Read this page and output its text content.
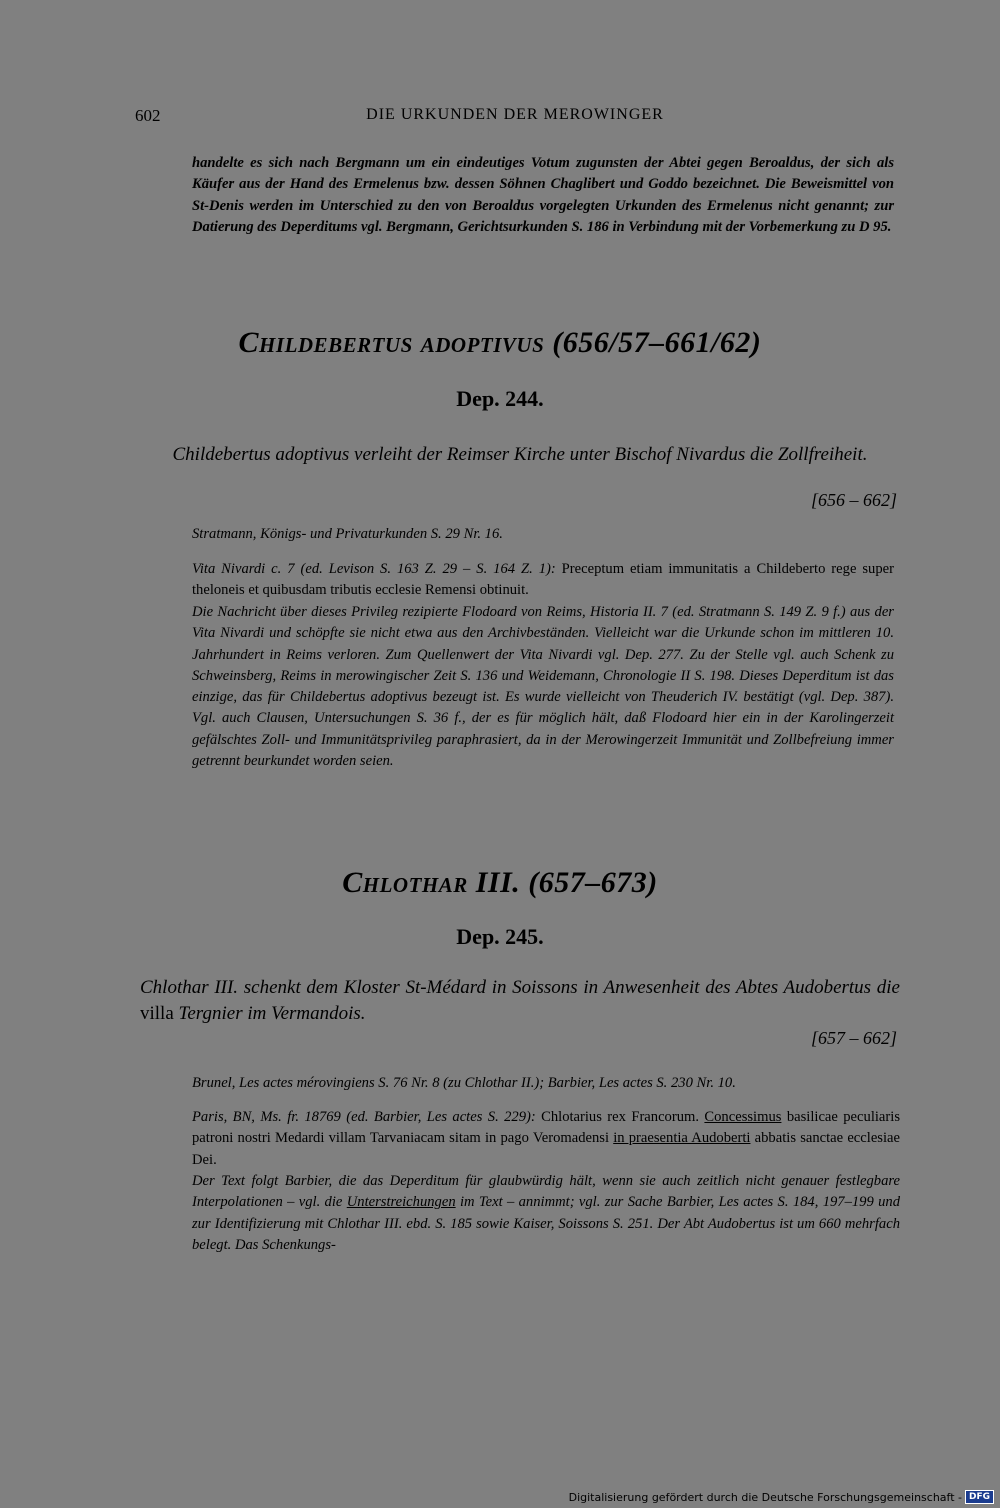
602	DIE URKUNDEN DER MEROWINGER

handelte es sich nach Bergmann um ein eindeutiges Votum zugunsten der Abtei gegen Beroaldus, der sich als Käufer aus der Hand des Ermelenus bzw. dessen Söhnen Chaglibert und Goddo bezeichnet. Die Beweismittel von St-Denis werden im Unterschied zu den von Beroaldus vorgelegten Urkunden des Ermelenus nicht genannt; zur Datierung des Deperditums vgl. Bergmann, Gerichtsurkunden S. 186 in Verbindung mit der Vorbemerkung zu D 95.

Childebertus adoptivus (656/57–661/62)
Dep. 244.

Childebertus adoptivus verleiht der Reimser Kirche unter Bischof Nivardus die Zollfreiheit.

[656 – 662]

Stratmann, Königs- und Privaturkunden S. 29 Nr. 16.

Vita Nivardi c. 7 (ed. Levison S. 163 Z. 29 – S. 164 Z. 1): Preceptum etiam immunitatis a Childeberto rege super theloneis et quibusdam tributis ecclesie Remensi obtinuit.

Die Nachricht über dieses Privileg rezipierte Flodoard von Reims, Historia II. 7 (ed. Stratmann S. 149 Z. 9 f.) aus der Vita Nivardi und schöpfte sie nicht etwa aus den Archivbeständen. Vielleicht war die Urkunde schon im mittleren 10. Jahrhundert in Reims verloren. Zum Quellenwert der Vita Nivardi vgl. Dep. 277. Zu der Stelle vgl. auch Schenk zu Schweinsberg, Reims in merowingischer Zeit S. 136 und Weidemann, Chronologie II S. 198. Dieses Deperditum ist das einzige, das für Childebertus adoptivus bezeugt ist. Es wurde vielleicht von Theuderich IV. bestätigt (vgl. Dep. 387). Vgl. auch Clausen, Untersuchungen S. 36 f., der es für möglich hält, daß Flodoard hier ein in der Karolingerzeit gefälschtes Zoll- und Immunitätsprivileg paraphrasiert, da in der Merowingerzeit Immunität und Zollbefreiung immer getrennt beurkundet worden seien.

Chlothar III. (657–673)
Dep. 245.

Chlothar III. schenkt dem Kloster St-Médard in Soissons in Anwesenheit des Abtes Audobertus die villa Tergnier im Vermandois.

[657 – 662]

Brunel, Les actes mérovingiens S. 76 Nr. 8 (zu Chlothar II.); Barbier, Les actes S. 230 Nr. 10.

Paris, BN, Ms. fr. 18769 (ed. Barbier, Les actes S. 229): Chlotarius rex Francorum. Concessimus basilicae peculiaris patroni nostri Medardi villam Tarvaniacam sitam in pago Veromadensi in praesentia Audoberti abbatis sanctae ecclesiae Dei.

Der Text folgt Barbier, die das Deperditum für glaubwürdig hält, wenn sie auch zeitlich nicht genauer festlegbare Interpolationen – vgl. die Unterstreichungen im Text – annimmt; vgl. zur Sache Barbier, Les actes S. 184, 197–199 und zur Identifizierung mit Chlothar III. ebd. S. 185 sowie Kaiser, Soissons S. 251. Der Abt Audobertus ist um 660 mehrfach belegt. Das Schenkungs-

Digitalisierung gefördert durch die Deutsche Forschungsgemeinschaft - DFG
